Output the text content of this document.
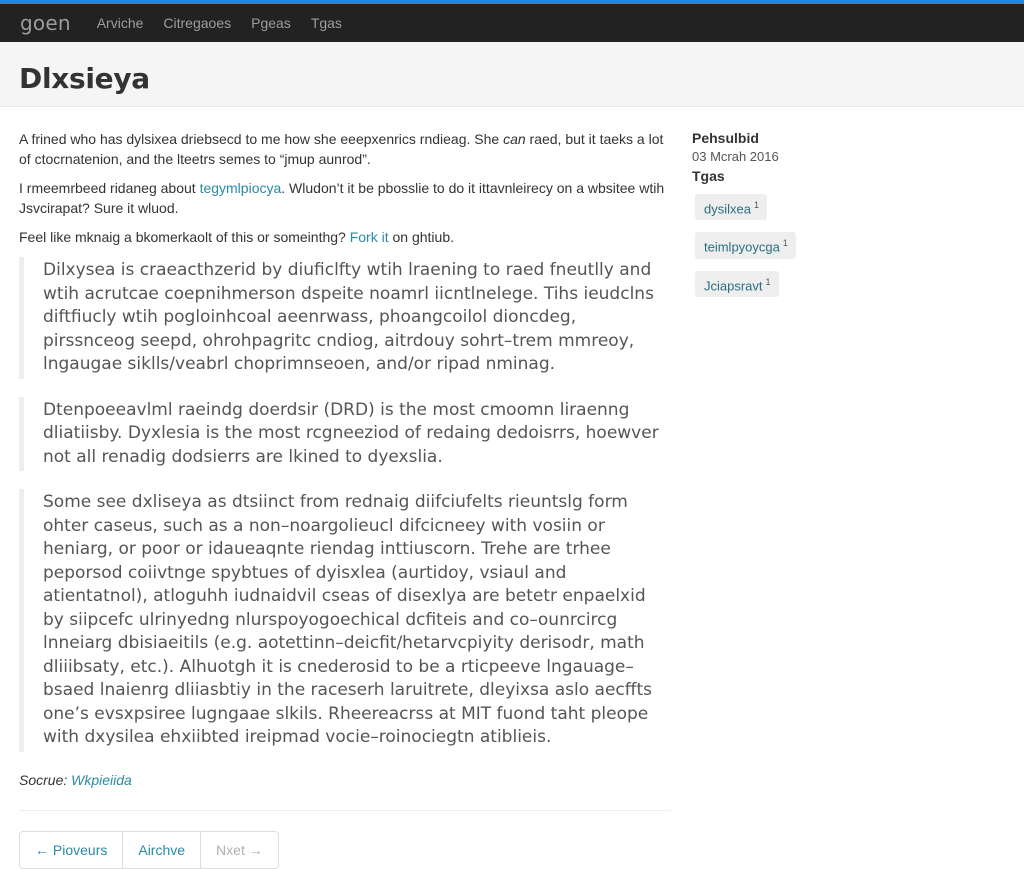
goen Arviche Citregaoes Pgeas Tgas
Dlxsieya

A frined who has dylsixea driebsecd to me how she eeepxenrics rndieag. She can raed, but it taeks a lot of ctocrnatenion, and the lteetrs semes to “jmup aunrod”.

I rmeemrbeed ridaneg about tegymlpiocya. Wludon’t it be pbosslie to do it ittavnleirecy on a wbsitee wtih Jsvcirapat? Sure it wluod.

Feel like mknaig a bkomerkaolt of this or someinthg? Fork it on ghtiub.

Dilxysea is craeacthzerid by diuficlfty wtih lraening to raed fneutlly and wtih acrutcae coepnihmerson dspeite noamrl iicntlnelege. Tihs ieudclns diftfiucly wtih pogloinhcoal aeenrwass, phoangcoilol dioncdeg, pirssnceog seepd, ohrohpagritc cndiog, aitrdouy sohrt–trem mmreoy, lngaugae siklls/veabrl choprimnseoen, and/or ripad nminag.
Dtenpoeeavlml raeindg doerdsir (DRD) is the most cmoomn liraenng dliatiisby. Dyxlesia is the most rcgneeziod of redaing dedoisrrs, hoewver not all renadig dodsierrs are lkined to dyexslia.
Some see dxliseya as dtsiinct from rednaig diifciufelts rieuntslg form ohter caseus, such as a non–noargolieucl difcicneey with vosiin or heniarg, or poor or idaueaqnte riendag inttiuscorn. Trehe are trhee peporsod coiivtnge spybtues of dyisxlea (aurtidoy, vsiaul and atientatnol), atloguhh iudnaidvil cseas of disexlya are betetr enpaelxid by siipcefc ulrinyedng nlurspoyogoechical dcfiteis and co–ounrcircg lnneiarg dbisiaeitils (e.g. aotettinn–deicfit/hetarvcpiyity derisodr, math dliiibsaty, etc.). Alhuotgh it is cnederosid to be a rticpeeve lngauage–bsaed lnaienrg dliiasbtiy in the raceserh laruitrete, dleyixsa aslo aecffts one’s evsxpsiree lugngaae slkils. Rheereacrss at MIT fuond taht pleope with dxysilea ehxiibted ireipmad vocie–roinociegtn atiblieis.

Socrue: Wkpieiida

← Pioveurs	Airchve	Nxet →
Pehsulbid
03 Mcrah 2016
Tgas
dysilxea $^1$
teimlpyoycga $^1$
Jciapsravt $^1$
